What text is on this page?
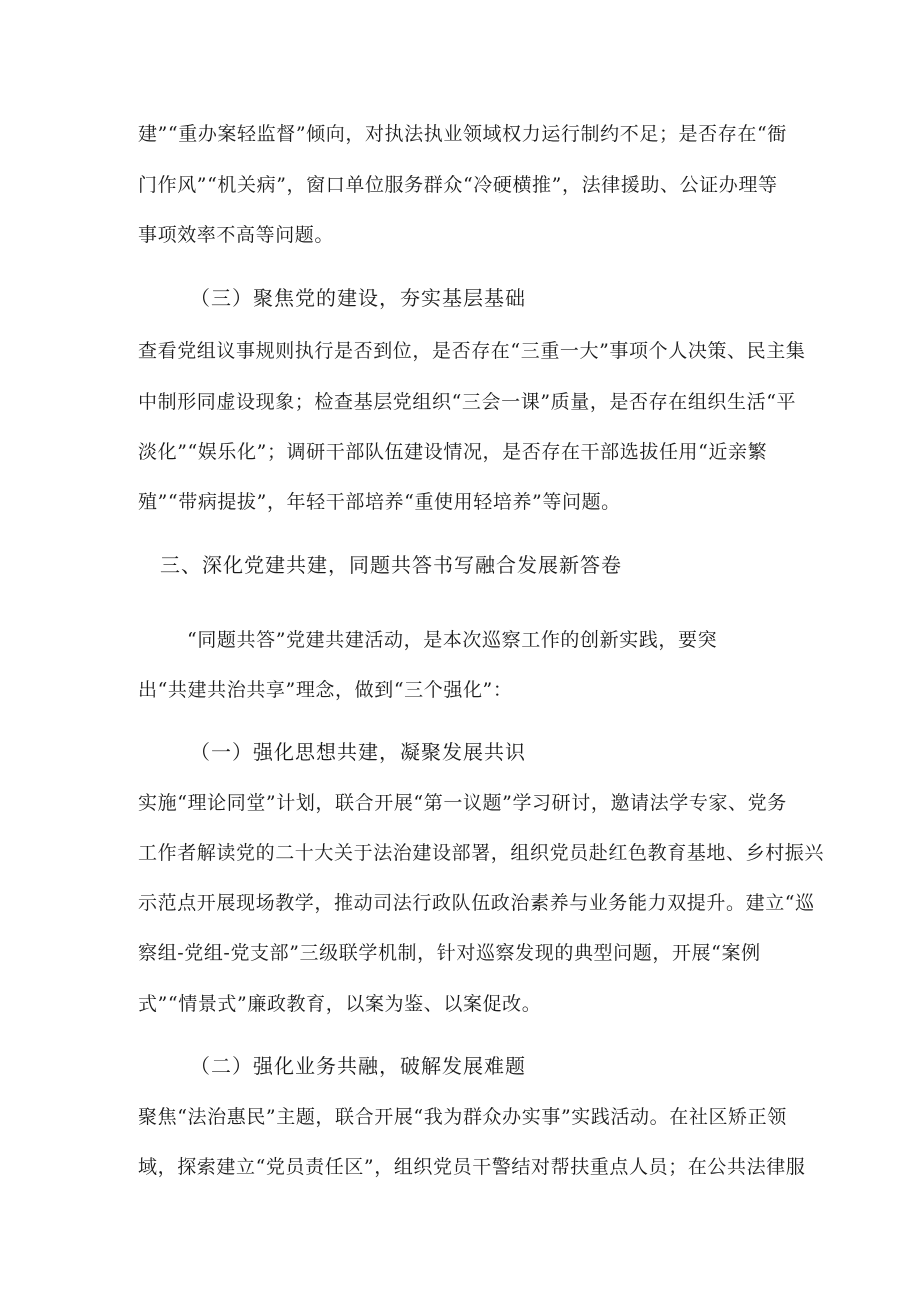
建”“重办案轻监督”倾向，对执法执业领域权力运行制约不足；是否存在“衙
门作风”“机关病”，窗口单位服务群众“冷硬横推”，法律援助、公证办理等
事项效率不高等问题。
（三）聚焦党的建设，夯实基层基础
查看党组议事规则执行是否到位，是否存在“三重一大”事项个人决策、民主集
中制形同虚设现象；检查基层党组织“三会一课”质量，是否存在组织生活“平
淡化”“娱乐化”；调研干部队伍建设情况，是否存在干部选拔任用“近亲繁
殖”“带病提拔”，年轻干部培养“重使用轻培养”等问题。
三、深化党建共建，同题共答书写融合发展新答卷
“同题共答”党建共建活动，是本次巡察工作的创新实践，要突
出“共建共治共享”理念，做到“三个强化”：
（一）强化思想共建，凝聚发展共识
实施“理论同堂”计划，联合开展“第一议题”学习研讨，邀请法学专家、党务
工作者解读党的二十大关于法治建设部署，组织党员赴红色教育基地、乡村振兴
示范点开展现场教学，推动司法行政队伍政治素养与业务能力双提升。建立“巡
察组-党组-党支部”三级联学机制，针对巡察发现的典型问题，开展“案例
式”“情景式”廉政教育，以案为鉴、以案促改。
（二）强化业务共融，破解发展难题
聚焦“法治惠民”主题，联合开展“我为群众办实事”实践活动。在社区矫正领
域，探索建立“党员责任区”，组织党员干警结对帮扶重点人员；在公共法律服
